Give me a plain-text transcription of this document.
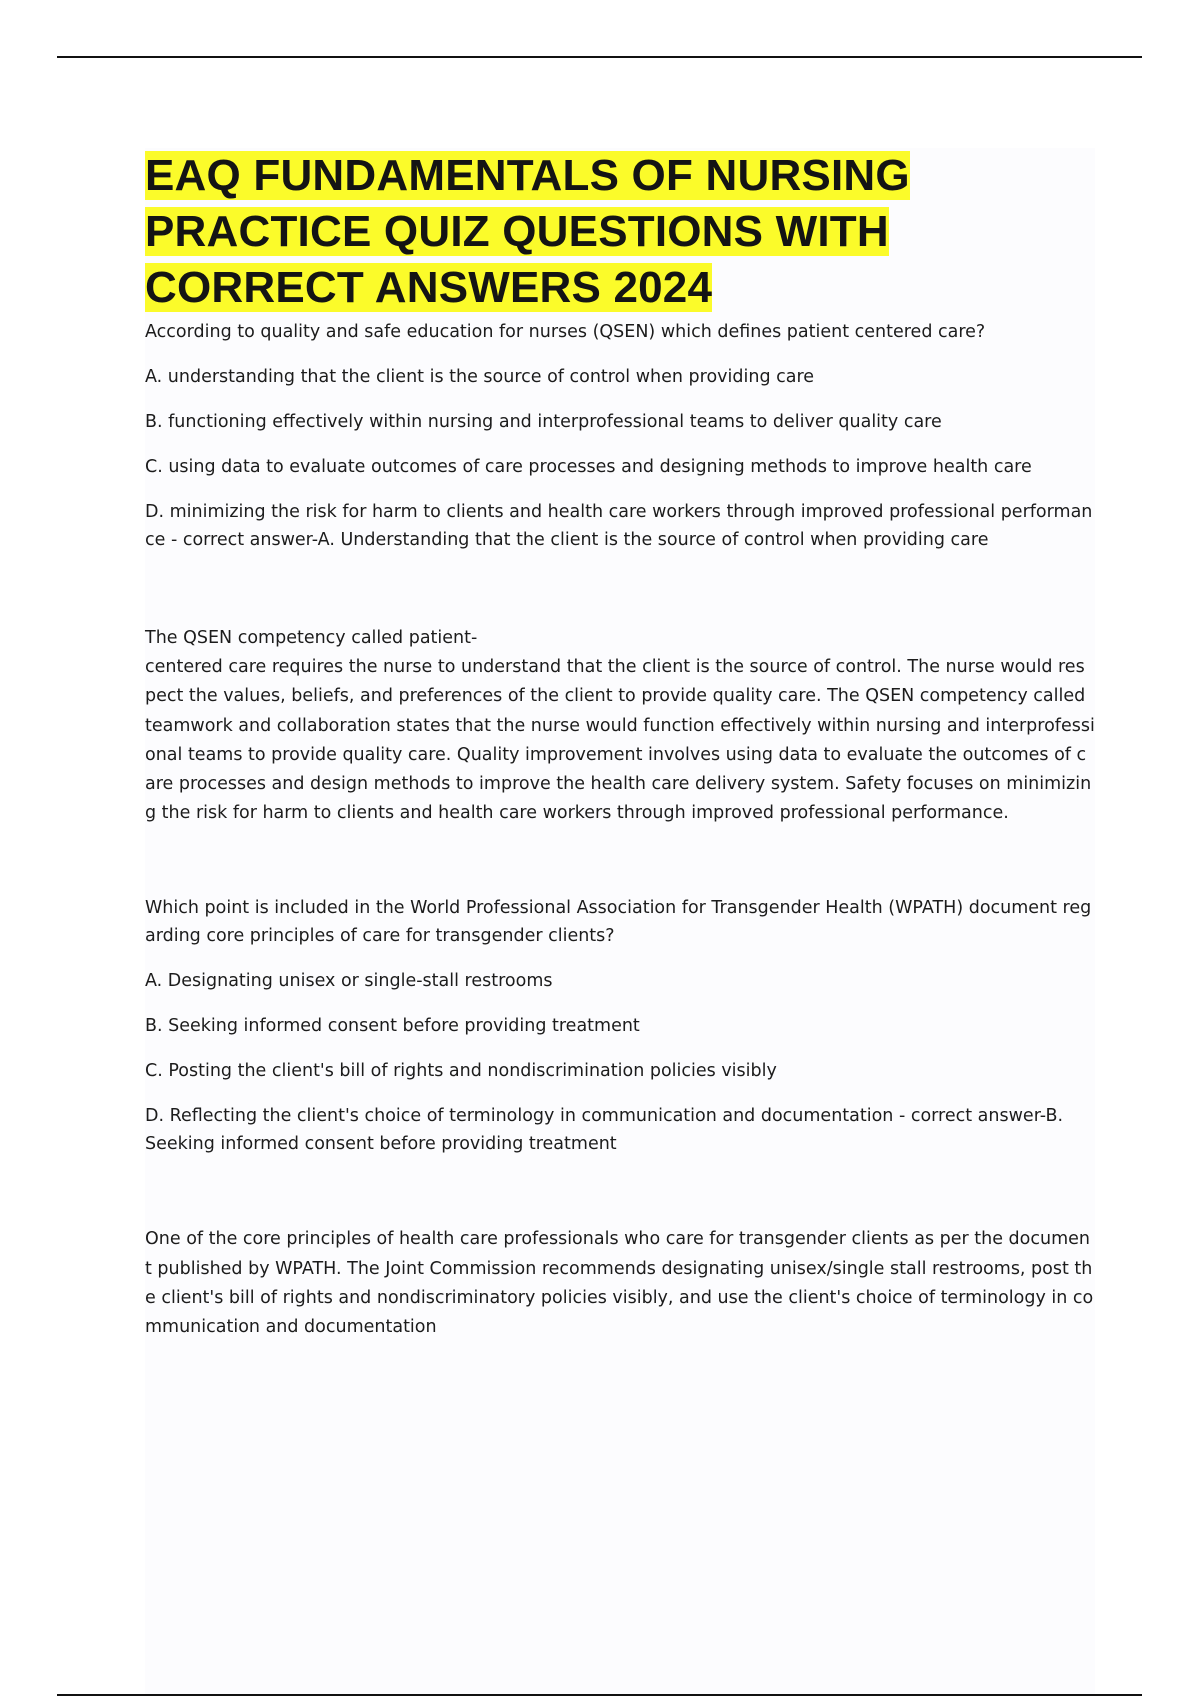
EAQ FUNDAMENTALS OF NURSING PRACTICE QUIZ QUESTIONS WITH CORRECT ANSWERS 2024

According to quality and safe education for nurses (QSEN) which defines patient centered care?

A. understanding that the client is the source of control when providing care

B. functioning effectively within nursing and interprofessional teams to deliver quality care

C. using data to evaluate outcomes of care processes and designing methods to improve health care

D. minimizing the risk for harm to clients and health care workers through improved professional performance - correct answer-A. Understanding that the client is the source of control when providing care

The QSEN competency called patient-

centered care requires the nurse to understand that the client is the source of control. The nurse would respect the values, beliefs, and preferences of the client to provide quality care. The QSEN competency called teamwork and collaboration states that the nurse would function effectively within nursing and interprofessional teams to provide quality care. Quality improvement involves using data to evaluate the outcomes of care processes and design methods to improve the health care delivery system. Safety focuses on minimizing the risk for harm to clients and health care workers through improved professional performance.

Which point is included in the World Professional Association for Transgender Health (WPATH) document regarding core principles of care for transgender clients?

A. Designating unisex or single-stall restrooms

B. Seeking informed consent before providing treatment

C. Posting the client's bill of rights and nondiscrimination policies visibly

D. Reflecting the client's choice of terminology in communication and documentation - correct answer-B. Seeking informed consent before providing treatment

One of the core principles of health care professionals who care for transgender clients as per the document published by WPATH. The Joint Commission recommends designating unisex/single stall restrooms, post the client's bill of rights and nondiscriminatory policies visibly, and use the client's choice of terminology in communication and documentation
